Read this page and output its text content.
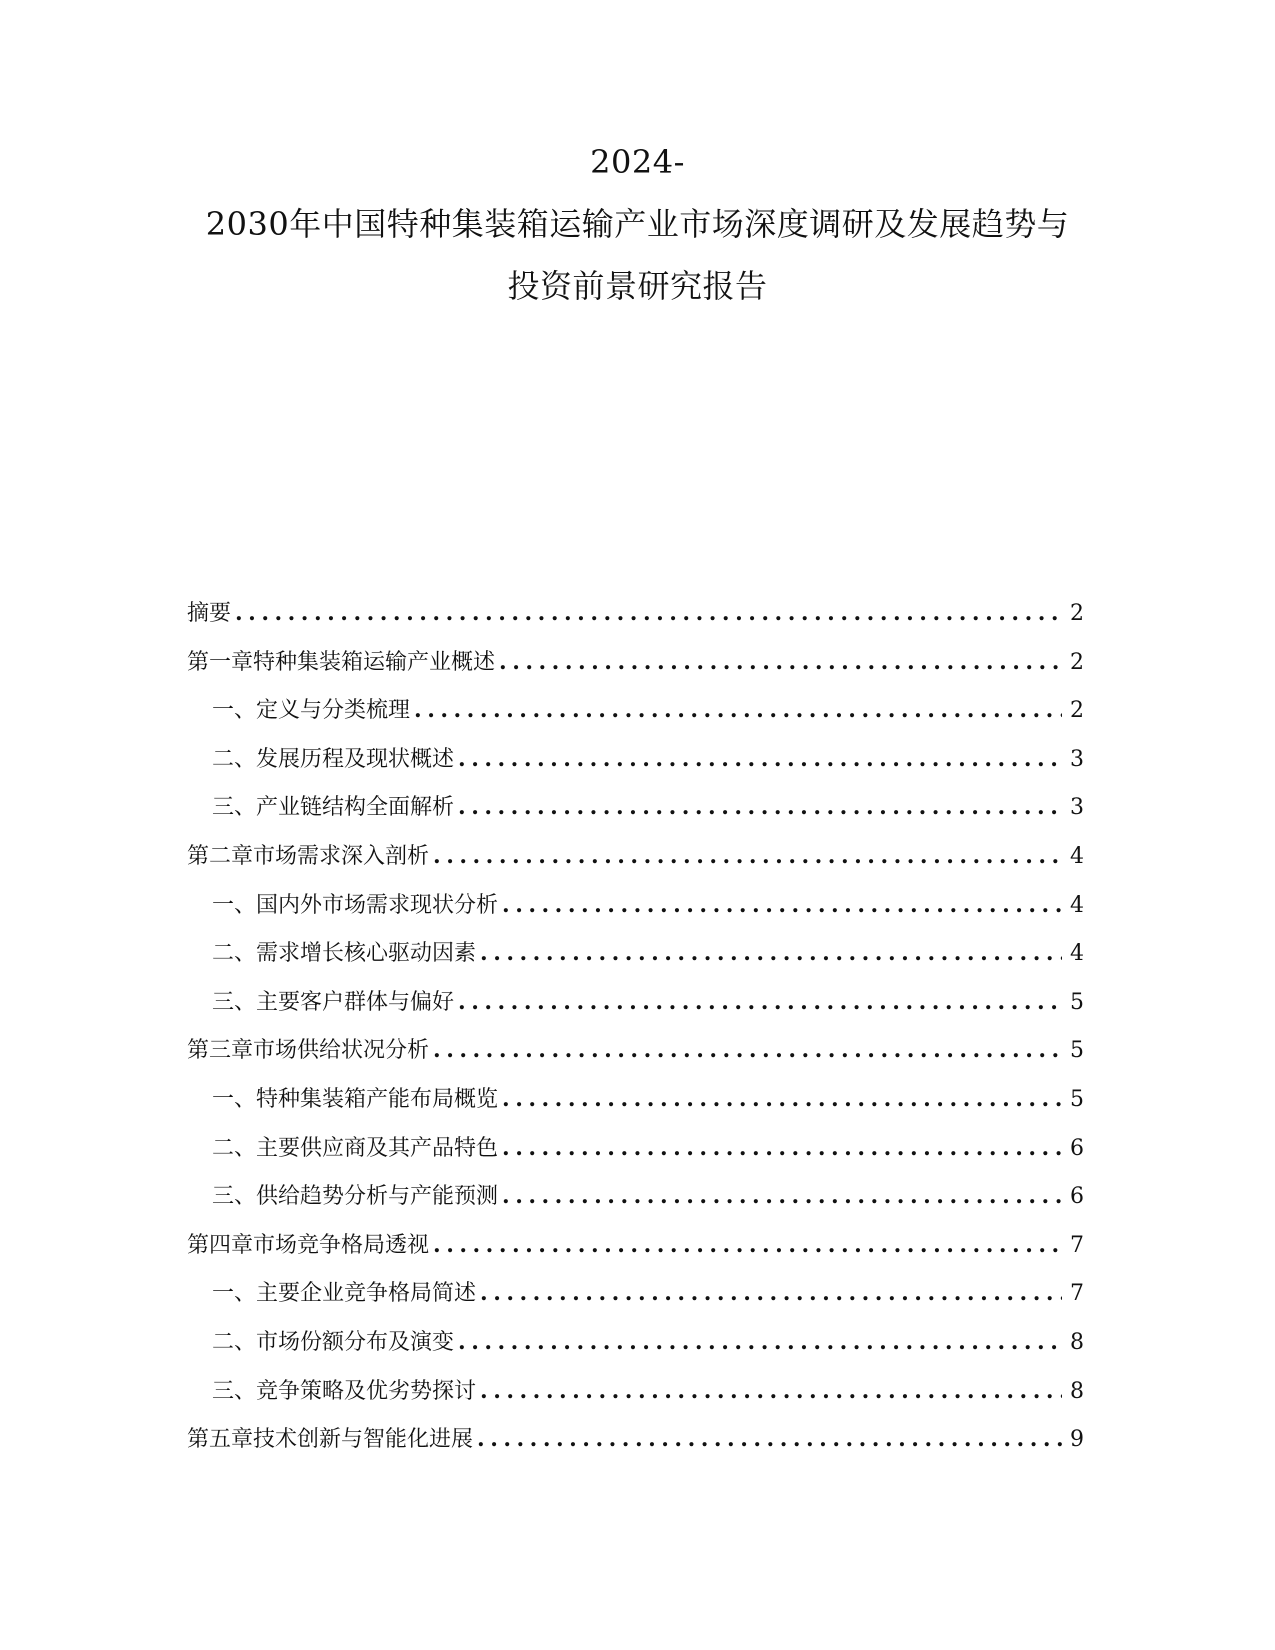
2024-
2030年中国特种集装箱运输产业市场深度调研及发展趋势与
投资前景研究报告
摘要 .....	2
第一章 特种集装箱运输产业概述 .....	2
一、 定义与分类梳理 .....	2
二、 发展历程及现状概述 .....	3
三、 产业链结构全面解析 .....	3
第二章 市场需求深入剖析 .....	4
一、 国内外市场需求现状分析 .....	4
二、 需求增长核心驱动因素 .....	4
三、 主要客户群体与偏好 .....	5
第三章 市场供给状况分析 .....	5
一、 特种集装箱产能布局概览 .....	5
二、 主要供应商及其产品特色 .....	6
三、 供给趋势分析与产能预测 .....	6
第四章 市场竞争格局透视 .....	7
一、 主要企业竞争格局简述 .....	7
二、 市场份额分布及演变 .....	8
三、 竞争策略及优劣势探讨 .....	8
第五章 技术创新与智能化进展 .....	9
